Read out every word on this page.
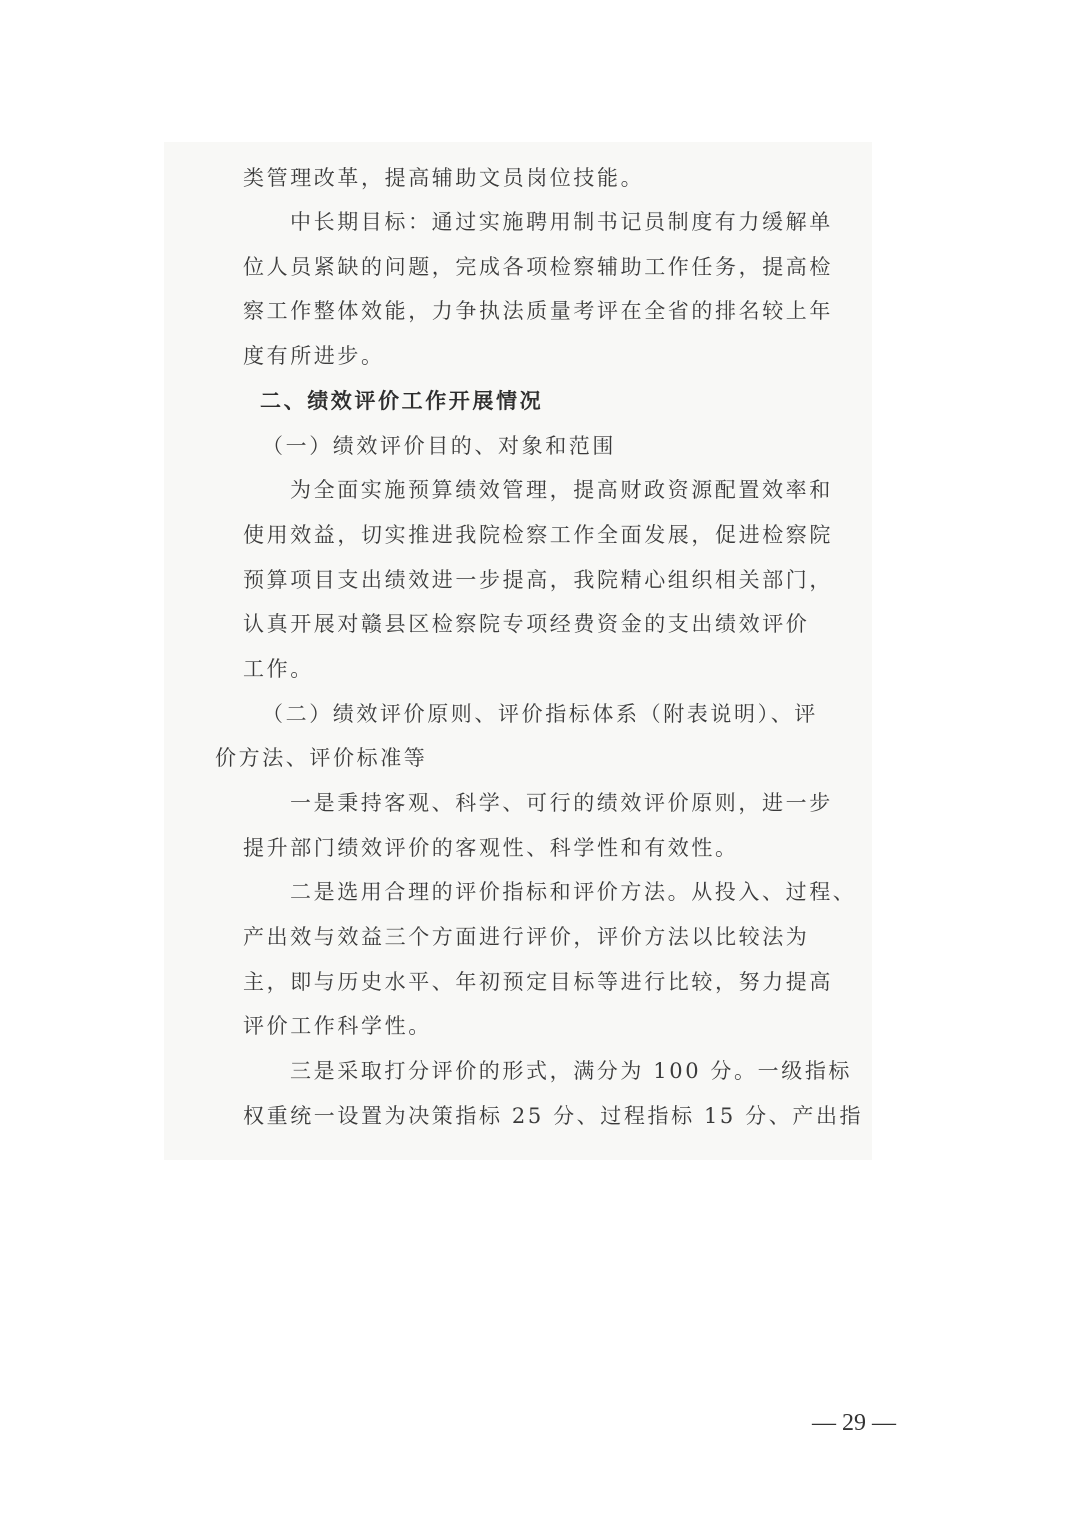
类管理改革，提高辅助文员岗位技能。
中长期目标：通过实施聘用制书记员制度有力缓解单
位人员紧缺的问题，完成各项检察辅助工作任务，提高检
察工作整体效能，力争执法质量考评在全省的排名较上年
度有所进步。
二、绩效评价工作开展情况
（一）绩效评价目的、对象和范围
为全面实施预算绩效管理，提高财政资源配置效率和
使用效益，切实推进我院检察工作全面发展，促进检察院
预算项目支出绩效进一步提高，我院精心组织相关部门，
认真开展对赣县区检察院专项经费资金的支出绩效评价
工作。
（二）绩效评价原则、评价指标体系（附表说明）、评
价方法、评价标准等
一是秉持客观、科学、可行的绩效评价原则，进一步
提升部门绩效评价的客观性、科学性和有效性。
二是选用合理的评价指标和评价方法。从投入、过程、
产出效与效益三个方面进行评价，评价方法以比较法为
主，即与历史水平、年初预定目标等进行比较，努力提高
评价工作科学性。
三是采取打分评价的形式，满分为 100 分。一级指标
权重统一设置为决策指标 25 分、过程指标 15 分、产出指
— 29 —
